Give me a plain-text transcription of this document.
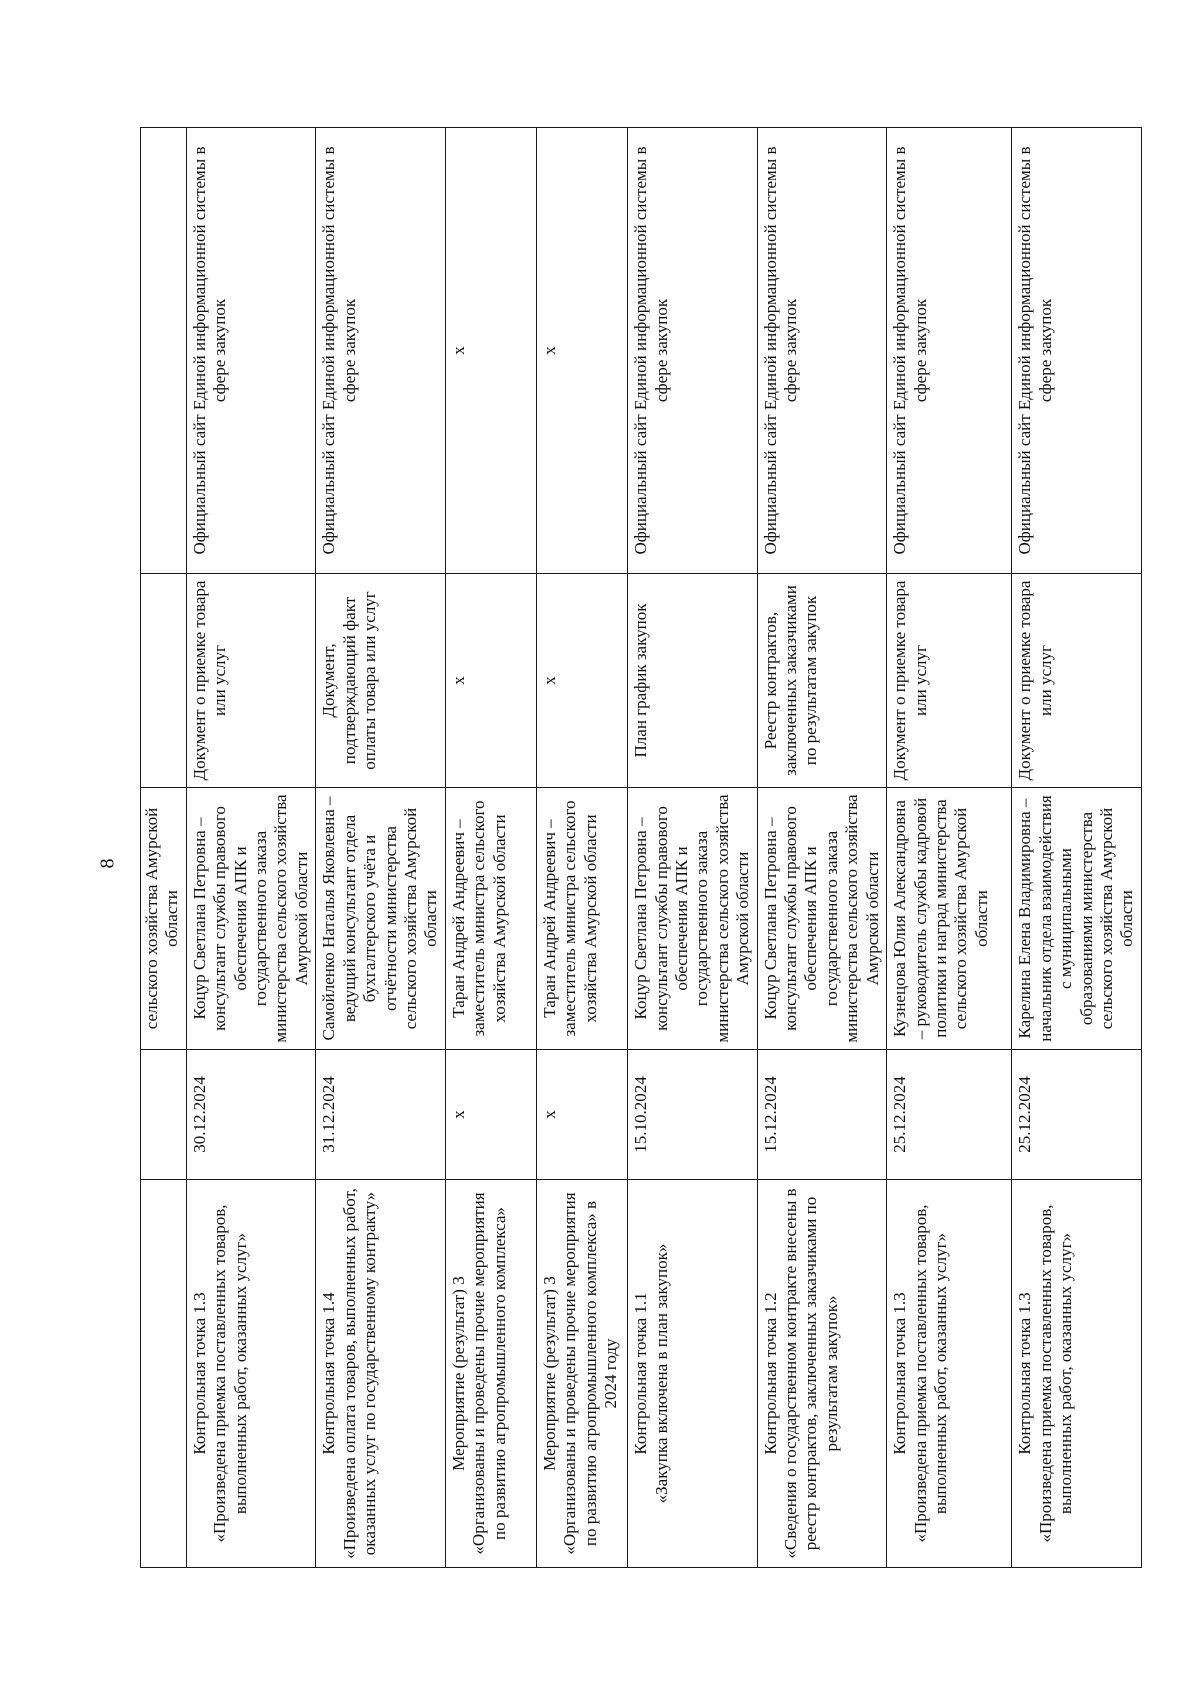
8
		сельского хозяйства Амурской области		

Контрольная точка 1.3 «Произведена приемка поставленных товаров, выполненных работ, оказанных услуг»	30.12.2024	Коцур Светлана Петровна – консультант службы правового обеспечения АПК и государственного заказа министерства сельского хозяйства Амурской области	Документ о приемке товара или услуг	Официальный сайт Единой информационной системы в сфере закупок

Контрольная точка 1.4 «Произведена оплата товаров, выполненных работ, оказанных услуг по государственному контракту»	31.12.2024	Самойленко Наталья Яковлевна – ведущий консультант отдела бухгалтерского учёта и отчётности министерства сельского хозяйства Амурской области	Документ, подтверждающий факт оплаты товара или услуг	Официальный сайт Единой информационной системы в сфере закупок

Мероприятие (результат) 3 «Организованы и проведены прочие мероприятия по развитию агропромышленного комплекса»	x	Таран Андрей Андреевич – заместитель министра сельского хозяйства Амурской области	x	x

Мероприятие (результат) 3 «Организованы и проведены прочие мероприятия по развитию агропромышленного комплекса» в 2024 году	x	Таран Андрей Андреевич – заместитель министра сельского хозяйства Амурской области	x	x

Контрольная точка 1.1 «Закупка включена в план закупок»	15.10.2024	Коцур Светлана Петровна – консультант службы правового обеспечения АПК и государственного заказа министерства сельского хозяйства Амурской области	План график закупок	Официальный сайт Единой информационной системы в сфере закупок

Контрольная точка 1.2 «Сведения о государственном контракте внесены в реестр контрактов, заключенных заказчиками по результатам закупок»	15.12.2024	Коцур Светлана Петровна – консультант службы правового обеспечения АПК и государственного заказа министерства сельского хозяйства Амурской области	Реестр контрактов, заключенных заказчиками по результатам закупок	Официальный сайт Единой информационной системы в сфере закупок

Контрольная точка 1.3 «Произведена приемка поставленных товаров, выполненных работ, оказанных услуг»	25.12.2024	Кузнецова Юлия Александровна – руководитель службы кадровой политики и наград министерства сельского хозяйства Амурской области	Документ о приемке товара или услуг	Официальный сайт Единой информационной системы в сфере закупок

Контрольная точка 1.3 «Произведена приемка поставленных товаров, выполненных работ, оказанных услуг»	25.12.2024	Карелина Елена Владимировна – начальник отдела взаимодействия с муниципальными образованиями министерства сельского хозяйства Амурской области	Документ о приемке товара или услуг	Официальный сайт Единой информационной системы в сфере закупок
